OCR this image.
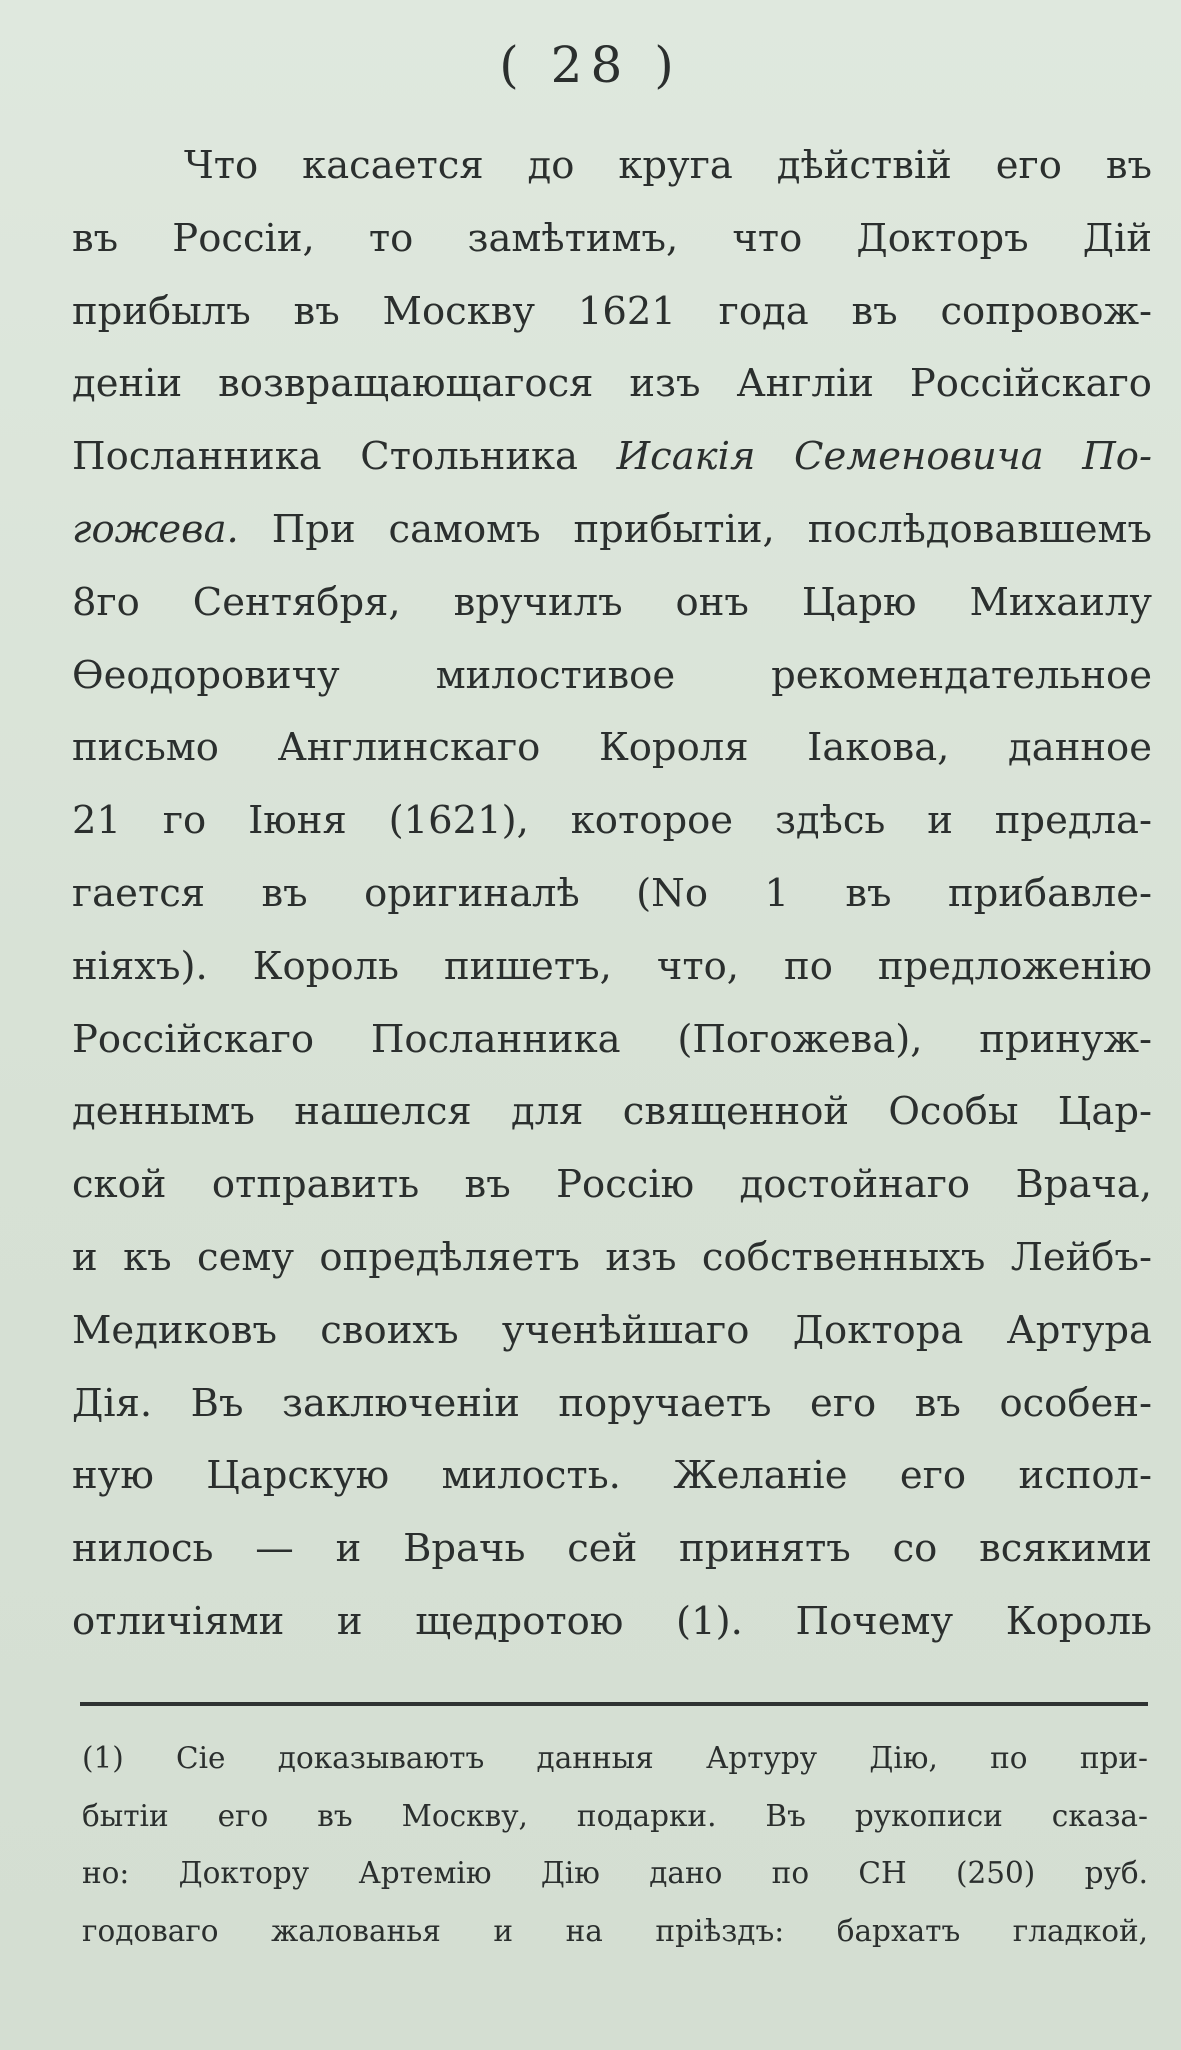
( 28 )
Что касается до круга дѣйствій его въ
въ Россіи, то замѣтимъ, что Докторъ Дій
прибылъ въ Москву 1621 года въ сопровож-
деніи возвращающагося изъ Англіи Россійскаго
Посланника Стольника Исакія Семеновича По-
гожева. При самомъ прибытіи, послѣдовавшемъ
8го Сентября, вручилъ онъ Царю Михаилу
Ѳеодоровичу милостивое рекомендательное
письмо Англинскаго Короля Іакова, данное
21 го Іюня (1621), которое здѣсь и предла-
гается въ оригиналѣ (No 1 въ прибавле-
ніяхъ). Король пишетъ, что, по предложенію
Россійскаго Посланника (Погожева), принуж-
деннымъ нашелся для священной Особы Цар-
ской отправить въ Россію достойнаго Врача,
и къ сему опредѣляетъ изъ собственныхъ Лейбъ-
Медиковъ своихъ ученѣйшаго Доктора Артура
Дія. Въ заключеніи поручаетъ его въ особен-
ную Царскую милость. Желаніе его испол-
нилось — и Врачь сей принятъ со всякими
отличіями и щедротою (1). Почему Король
(1) Сіе доказываютъ данныя Артуру Дію, по при-
бытіи его въ Москву, подарки. Въ рукописи сказа-
но: Доктору Артемію Дію дано по СН (250) руб.
годоваго жалованья и на пріѣздъ: бархатъ гладкой,
